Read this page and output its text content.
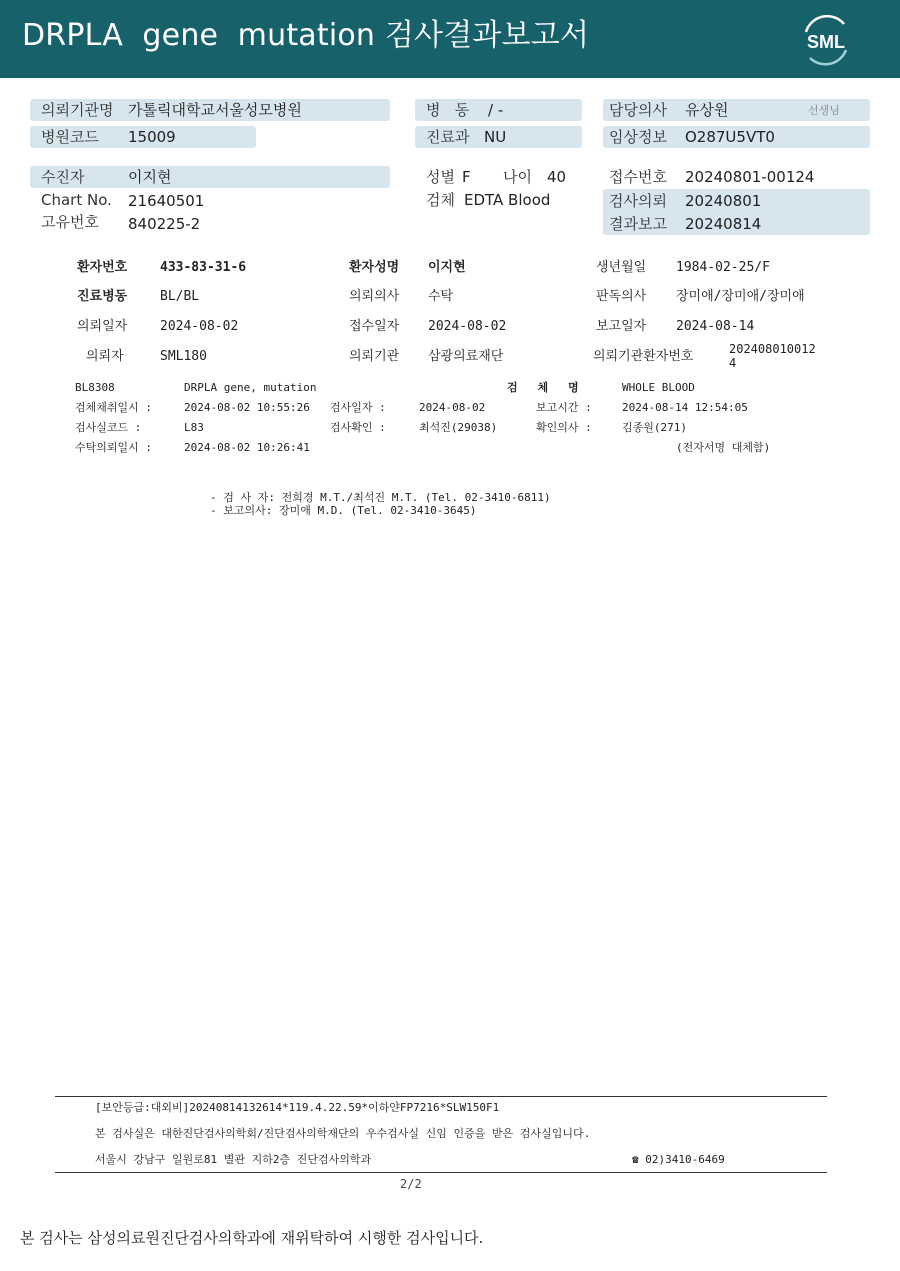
DRPLA  gene  mutation 검사결과보고서	SML
의뢰기관명 가톨릭대학교서울성모병원	병   동 / -	담당의사 유상원	선생님
병원코드 15009	진료과 NU	임상정보 O287U5VT0
수진자	이지현	성별 F 나이 40	접수번호 20240801-00124
Chart No. 21640501	검체 EDTA Blood	검사의뢰 20240801
고유번호 840225-2	결과보고 20240814
환자번호	433-83-31-6	환자성명 이지현	생년월일 1984-02-25/F
진료병동	BL/BL	의뢰의사 수탁	판독의사 장미애/장미애/장미애
의뢰일자	2024-08-02	접수일자 2024-08-02	보고일자 2024-08-14
의뢰자	SML180	의뢰기관 삼광의료재단	의뢰기관환자번호	202408010012
4
BL8308	DRPLA gene, mutation	검   체   명	WHOLE BLOOD
검체채취일시 :	2024-08-02 10:55:26 검사일자 :	2024-08-02	보고시간 :	2024-08-14 12:54:05
검사실코드 :	L83	검사확인 :	최석진(29038)	확인의사 :	김종원(271)
수탁의뢰일시 :	2024-08-02 10:26:41	(전자서명 대체함)
- 검 사 자: 전희경 M.T./최석진 M.T. (Tel. 02-3410-6811)
- 보고의사: 장미애 M.D. (Tel. 02-3410-3645)
[보안등급:대외비]20240814132614*119.4.22.59*이하얀FP7216*SLW150F1
본 검사실은 대한진단검사의학회/진단검사의학재단의 우수검사실 신임 인증을 받은 검사실입니다.
서울시 강남구 일원로81 별관 지하2층 진단검사의학과	☎ 02)3410-6469
2/2
본 검사는 삼성의료원진단검사의학과에 재위탁하여 시행한 검사입니다.
